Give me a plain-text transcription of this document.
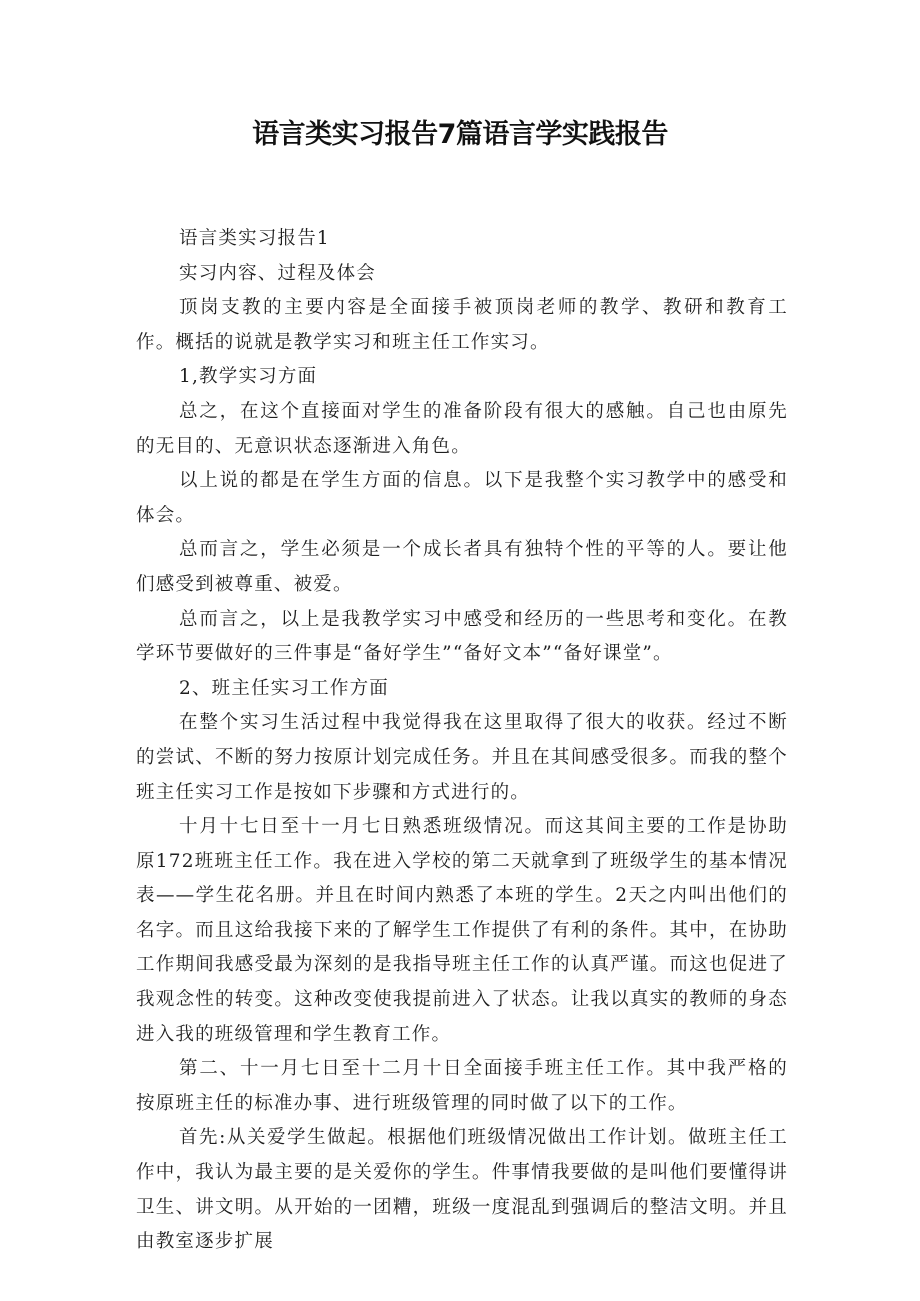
语言类实习报告7篇语言学实践报告

语言类实习报告1

实习内容、过程及体会

顶岗支教的主要内容是全面接手被顶岗老师的教学、教研和教育工作。概括的说就是教学实习和班主任工作实习。

1,教学实习方面

总之，在这个直接面对学生的准备阶段有很大的感触。自己也由原先的无目的、无意识状态逐渐进入角色。

以上说的都是在学生方面的信息。以下是我整个实习教学中的感受和体会。

总而言之，学生必须是一个成长者具有独特个性的平等的人。要让他们感受到被尊重、被爱。

总而言之，以上是我教学实习中感受和经历的一些思考和变化。在教学环节要做好的三件事是“备好学生”“备好文本”“备好课堂”。

2、班主任实习工作方面

在整个实习生活过程中我觉得我在这里取得了很大的收获。经过不断的尝试、不断的努力按原计划完成任务。并且在其间感受很多。而我的整个班主任实习工作是按如下步骤和方式进行的。

十月十七日至十一月七日熟悉班级情况。而这其间主要的工作是协助原172班班主任工作。我在进入学校的第二天就拿到了班级学生的基本情况表——学生花名册。并且在时间内熟悉了本班的学生。2天之内叫出他们的名字。而且这给我接下来的了解学生工作提供了有利的条件。其中，在协助工作期间我感受最为深刻的是我指导班主任工作的认真严谨。而这也促进了我观念性的转变。这种改变使我提前进入了状态。让我以真实的教师的身态进入我的班级管理和学生教育工作。

第二、十一月七日至十二月十日全面接手班主任工作。其中我严格的按原班主任的标准办事、进行班级管理的同时做了以下的工作。

首先:从关爱学生做起。根据他们班级情况做出工作计划。做班主任工作中，我认为最主要的是关爱你的学生。件事情我要做的是叫他们要懂得讲卫生、讲文明。从开始的一团糟，班级一度混乱到强调后的整洁文明。并且由教室逐步扩展
